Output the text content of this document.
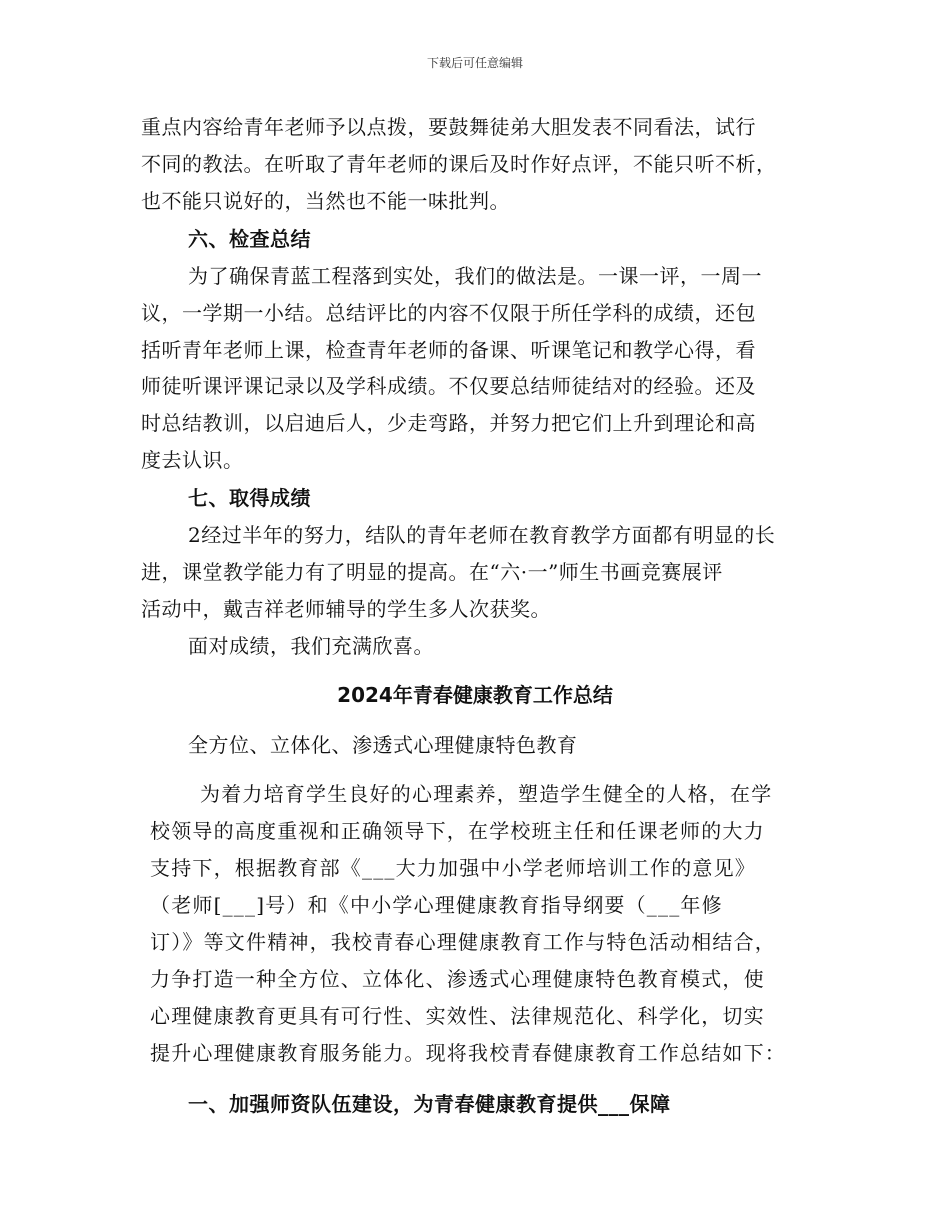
下载后可任意编辑
重点内容给青年老师予以点拨，要鼓舞徒弟大胆发表不同看法，试行
不同的教法。在听取了青年老师的课后及时作好点评，不能只听不析，
也不能只说好的，当然也不能一味批判。
六、检查总结
为了确保青蓝工程落到实处，我们的做法是。一课一评，一周一
议，一学期一小结。总结评比的内容不仅限于所任学科的成绩，还包
括听青年老师上课，检查青年老师的备课、听课笔记和教学心得，看
师徒听课评课记录以及学科成绩。不仅要总结师徒结对的经验。还及
时总结教训，以启迪后人，少走弯路，并努力把它们上升到理论和高
度去认识。
七、取得成绩
2经过半年的努力，结队的青年老师在教育教学方面都有明显的长
进，课堂教学能力有了明显的提高。在“六·一”师生书画竞赛展评
活动中，戴吉祥老师辅导的学生多人次获奖。
面对成绩，我们充满欣喜。
2024年青春健康教育工作总结
全方位、立体化、渗透式心理健康特色教育
为着力培育学生良好的心理素养，塑造学生健全的人格，在学
校领导的高度重视和正确领导下，在学校班主任和任课老师的大力
支持下，根据教育部《___大力加强中小学老师培训工作的意见》
（老师[___]号）和《中小学心理健康教育指导纲要（___年修
订）》等文件精神，我校青春心理健康教育工作与特色活动相结合，
力争打造一种全方位、立体化、渗透式心理健康特色教育模式，使
心理健康教育更具有可行性、实效性、法律规范化、科学化，切实
提升心理健康教育服务能力。现将我校青春健康教育工作总结如下：
一、加强师资队伍建设，为青春健康教育提供___保障
